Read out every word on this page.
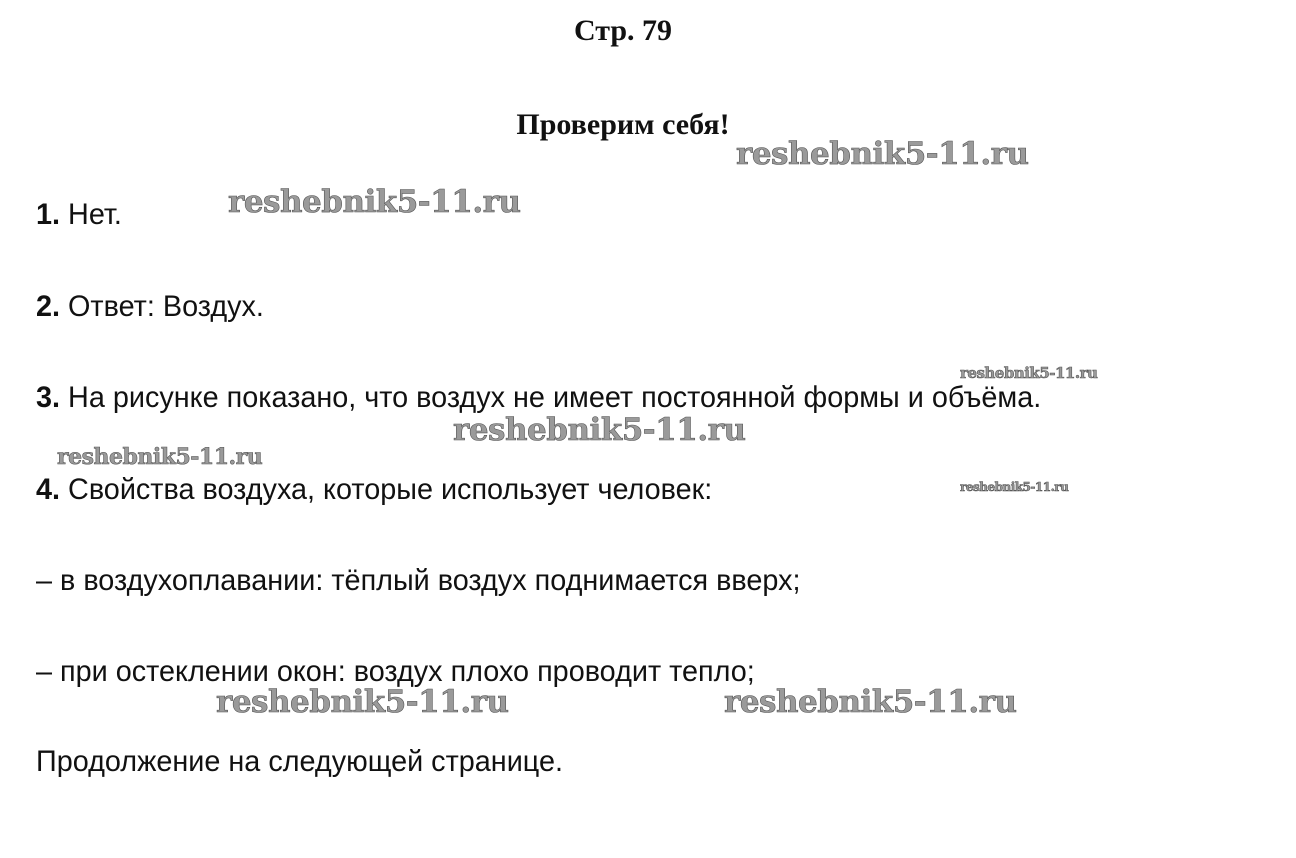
Стр. 79
Проверим себя!
1. Нет.
2. Ответ: Воздух.
3. На рисунке показано, что воздух не имеет постоянной формы и объёма.
4. Свойства воздуха, которые использует человек:
– в воздухоплавании: тёплый воздух поднимается вверх;
– при остеклении окон: воздух плохо проводит тепло;
Продолжение на следующей странице.
reshebnik5-11.ru
reshebnik5-11.ru
reshebnik5-11.ru
reshebnik5-11.ru
reshebnik5-11.ru
reshebnik5-11.ru
reshebnik5-11.ru	reshebnik5-11.ru
